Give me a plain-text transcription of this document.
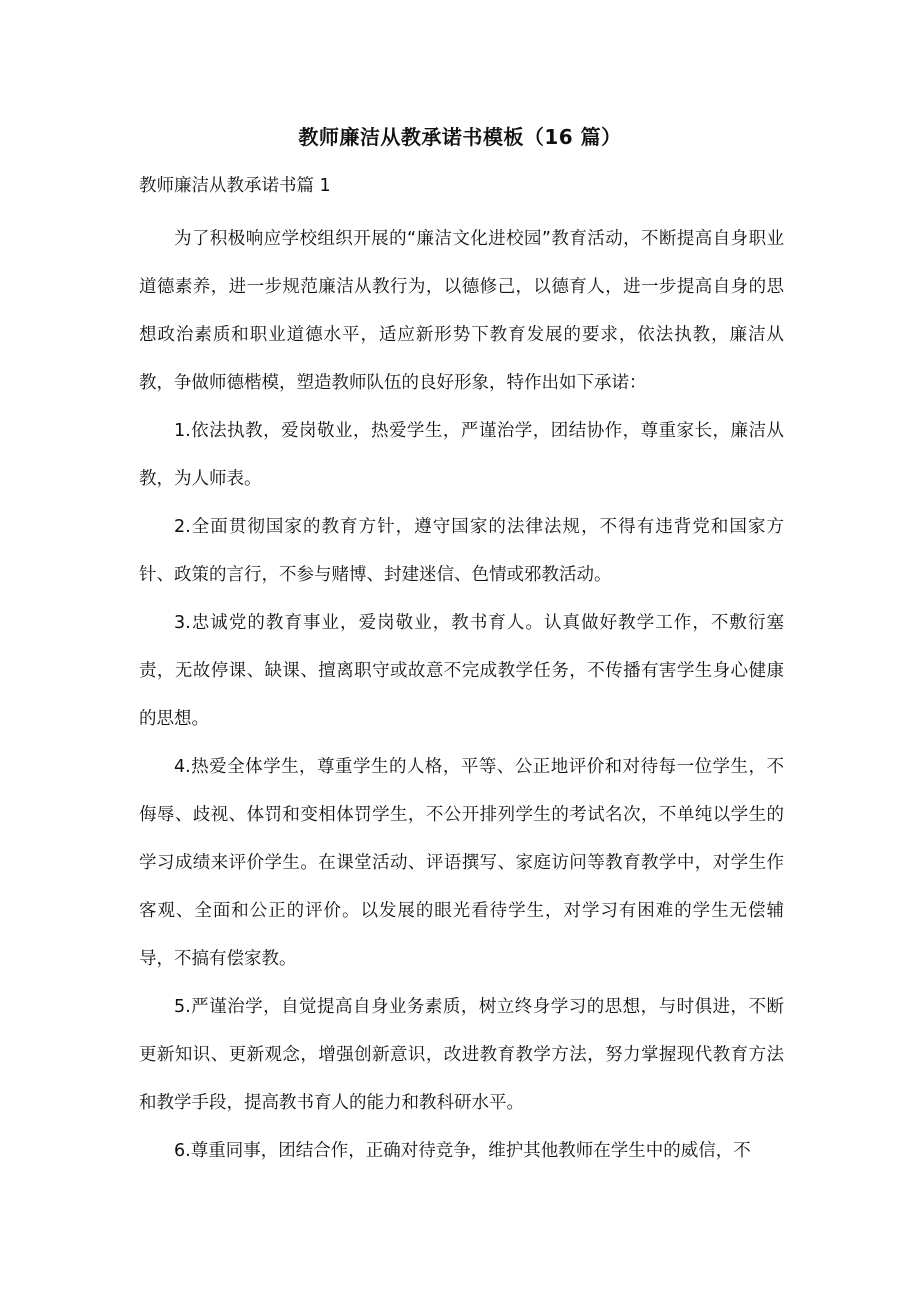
教师廉洁从教承诺书模板（16 篇）
教师廉洁从教承诺书篇 1

为了积极响应学校组织开展的“廉洁文化进校园”教育活动，不断提高自身职业道德素养，进一步规范廉洁从教行为，以德修己，以德育人，进一步提高自身的思想政治素质和职业道德水平，适应新形势下教育发展的要求，依法执教，廉洁从教，争做师德楷模，塑造教师队伍的良好形象，特作出如下承诺：

1.依法执教，爱岗敬业，热爱学生，严谨治学，团结协作，尊重家长，廉洁从教，为人师表。

2.全面贯彻国家的教育方针，遵守国家的法律法规，不得有违背党和国家方针、政策的言行，不参与赌博、封建迷信、色情或邪教活动。

3.忠诚党的教育事业，爱岗敬业，教书育人。认真做好教学工作，不敷衍塞责，无故停课、缺课、擅离职守或故意不完成教学任务，不传播有害学生身心健康的思想。

4.热爱全体学生，尊重学生的人格，平等、公正地评价和对待每一位学生，不侮辱、歧视、体罚和变相体罚学生，不公开排列学生的考试名次，不单纯以学生的学习成绩来评价学生。在课堂活动、评语撰写、家庭访问等教育教学中，对学生作客观、全面和公正的评价。以发展的眼光看待学生，对学习有困难的学生无偿辅导，不搞有偿家教。

5.严谨治学，自觉提高自身业务素质，树立终身学习的思想，与时俱进，不断更新知识、更新观念，增强创新意识，改进教育教学方法，努力掌握现代教育方法和教学手段，提高教书育人的能力和教科研水平。

6.尊重同事，团结合作，正确对待竞争，维护其他教师在学生中的威信，不
